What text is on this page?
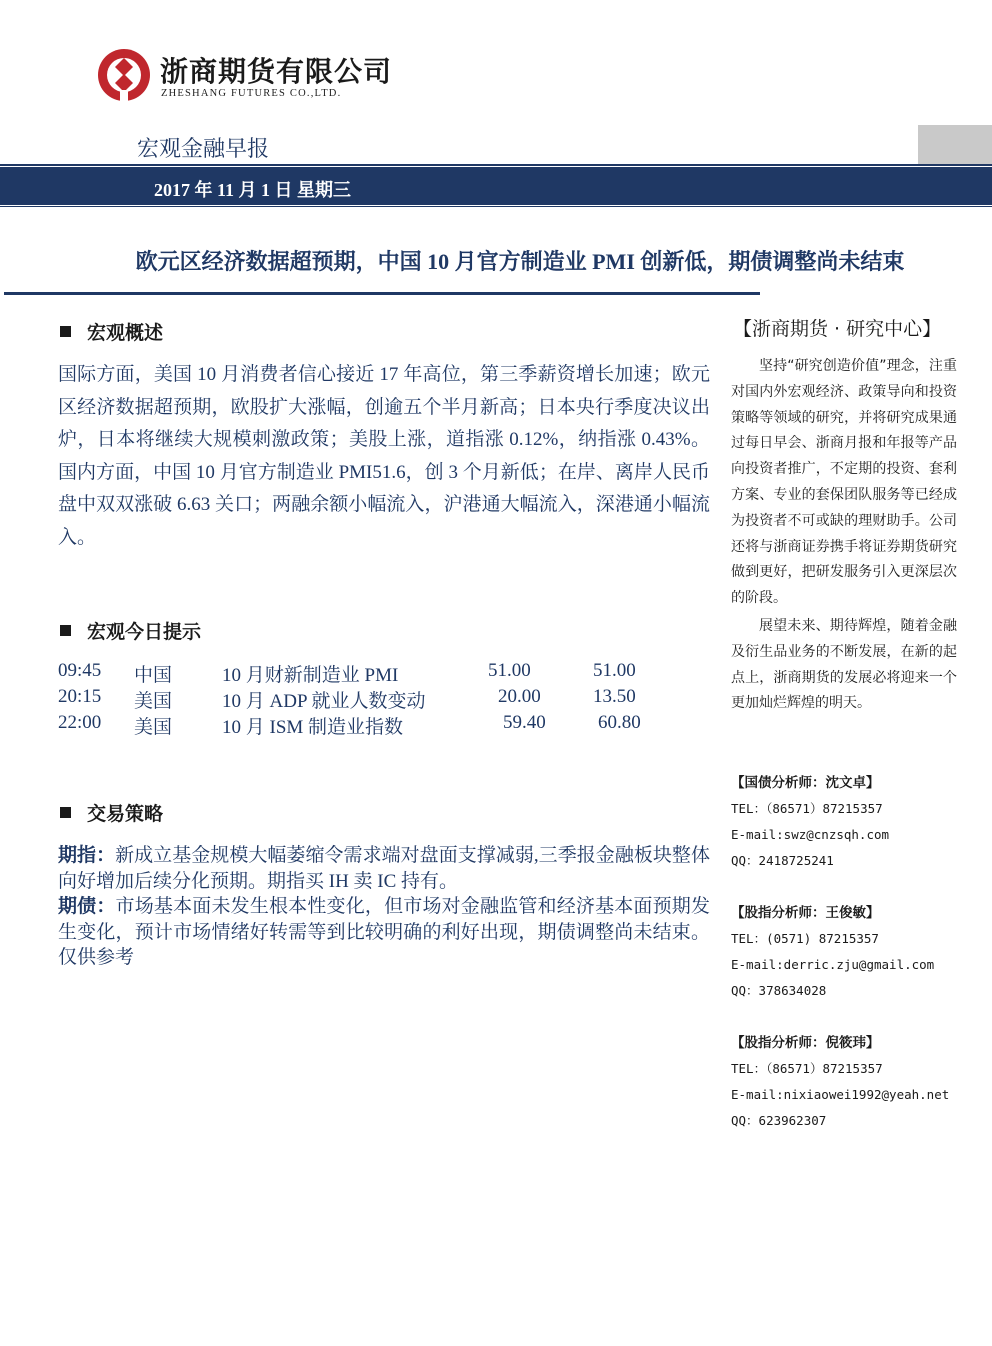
浙商期货有限公司
ZHESHANG FUTURES CO.,LTD.
宏观金融早报
2017 年 11 月 1 日 星期三
欧元区经济数据超预期，中国 10 月官方制造业 PMI 创新低，期债调整尚未结束
宏观概述
国际方面，美国 10 月消费者信心接近 17 年高位，第三季薪资增长加速；欧元区经济数据超预期，欧股扩大涨幅，创逾五个半月新高；日本央行季度决议出炉，日本将继续大规模刺激政策；美股上涨，道指涨 0.12%，纳指涨 0.43%。国内方面，中国 10 月官方制造业 PMI51.6，创 3 个月新低；在岸、离岸人民币盘中双双涨破 6.63 关口；两融余额小幅流入，沪港通大幅流入，深港通小幅流入。
宏观今日提示
09:45 中国	10 月财新制造业 PMI	51.00	51.00
20:15 美国	10 月 ADP 就业人数变动	20.00	13.50
22:00 美国	10 月 ISM 制造业指数	59.40	60.80
交易策略
期指：新成立基金规模大幅萎缩令需求端对盘面支撑减弱,三季报金融板块整体向好增加后续分化预期。期指买 IH 卖 IC 持有。
期债：市场基本面未发生根本性变化，但市场对金融监管和经济基本面预期发生变化，预计市场情绪好转需等到比较明确的利好出现，期债调整尚未结束。仅供参考
【浙商期货 · 研究中心】
坚持“研究创造价值”理念，注重对国内外宏观经济、政策导向和投资策略等领域的研究，并将研究成果通过每日早会、浙商月报和年报等产品向投资者推广，不定期的投资、套利方案、专业的套保团队服务等已经成为投资者不可或缺的理财助手。公司还将与浙商证券携手将证券期货研究做到更好，把研发服务引入更深层次的阶段。
展望未来、期待辉煌，随着金融及衍生品业务的不断发展，在新的起点上，浙商期货的发展必将迎来一个更加灿烂辉煌的明天。
【国债分析师：沈文卓】
TEL：（86571）87215357
E-mail:swz@cnzsqh.com
QQ：2418725241
【股指分析师：王俊敏】
TEL：(0571) 87215357
E-mail:derric.zju@gmail.com
QQ：378634028
【股指分析师：倪筱玮】
TEL：（86571）87215357
E-mail:nixiaowei1992@yeah.net
QQ：623962307
